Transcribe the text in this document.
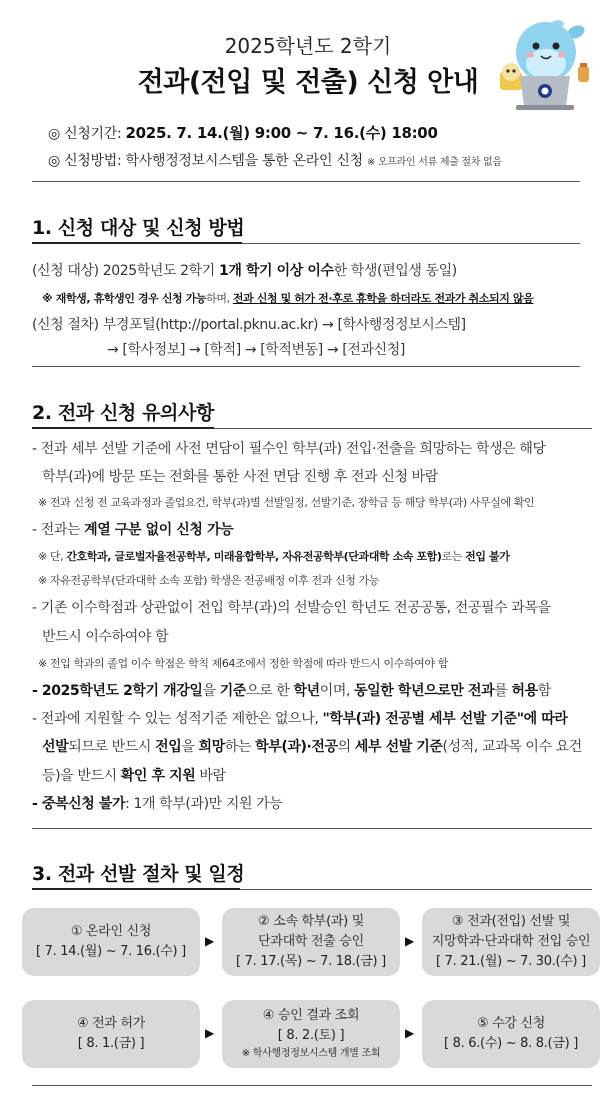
2025학년도 2학기
전과(전입 및 전출) 신청 안내
◎ 신청기간: 2025. 7. 14.(월) 9:00 ~ 7. 16.(수) 18:00
◎ 신청방법: 학사행정정보시스템을 통한 온라인 신청 ※ 오프라인 서류 제출 절차 없음
1. 신청 대상 및 신청 방법
(신청 대상) 2025학년도 2학기 1개 학기 이상 이수한 학생(편입생 동일)
※ 재학생, 휴학생인 경우 신청 가능하며, 전과 신청 및 허가 전·후로 휴학을 하더라도 전과가 취소되지 않음
(신청 절차) 부경포털(http://portal.pknu.ac.kr) → [학사행정정보시스템]
→ [학사정보] → [학적] → [학적변동] → [전과신청]
2. 전과 신청 유의사항
- 전과 세부 선발 기준에 사전 면담이 필수인 학부(과) 전입·전출을 희망하는 학생은 해당
학부(과)에 방문 또는 전화를 통한 사전 면담 진행 후 전과 신청 바람
※ 전과 신청 전 교육과정과 졸업요건, 학부(과)별 선발일정, 선발기준, 장학금 등 해당 학부(과) 사무실에 확인
- 전과는 계열 구분 없이 신청 가능
※ 단, 간호학과, 글로벌자율전공학부, 미래융합학부, 자유전공학부(단과대학 소속 포함)로는 전입 불가
※ 자유전공학부(단과대학 소속 포함) 학생은 전공배정 이후 전과 신청 가능
- 기존 이수학점과 상관없이 전입 학부(과)의 선발승인 학년도 전공공통, 전공필수 과목을
반드시 이수하여야 함
※ 전입 학과의 졸업 이수 학점은 학칙 제64조에서 정한 학점에 따라 반드시 이수하여야 함
- 2025학년도 2학기 개강일을 기준으로 한 학년이며, 동일한 학년으로만 전과를 허용함
- 전과에 지원할 수 있는 성적기준 제한은 없으나, "학부(과) 전공별 세부 선발 기준"에 따라
선발되므로 반드시 전입을 희망하는 학부(과)·전공의 세부 선발 기준(성적, 교과목 이수 요건
등)을 반드시 확인 후 지원 바람
- 중복신청 불가: 1개 학부(과)만 지원 가능
3. 전과 선발 절차 및 일정
① 온라인 신청
[ 7. 14.(월) ~ 7. 16.(수) ]
▶
② 소속 학부(과) 및
단과대학 전출 승인
[ 7. 17.(목) ~ 7. 18.(금) ]
▶
③ 전과(전입) 선발 및
지망학과·단과대학 전입 승인
[ 7. 21.(월) ~ 7. 30.(수) ]
④ 전과 허가
[ 8. 1.(금) ]
▶
④ 승인 결과 조회
[ 8. 2.(토) ]
※ 학사행정정보시스템 개별 조회
▶
⑤ 수강 신청
[ 8. 6.(수) ~ 8. 8.(금) ]
